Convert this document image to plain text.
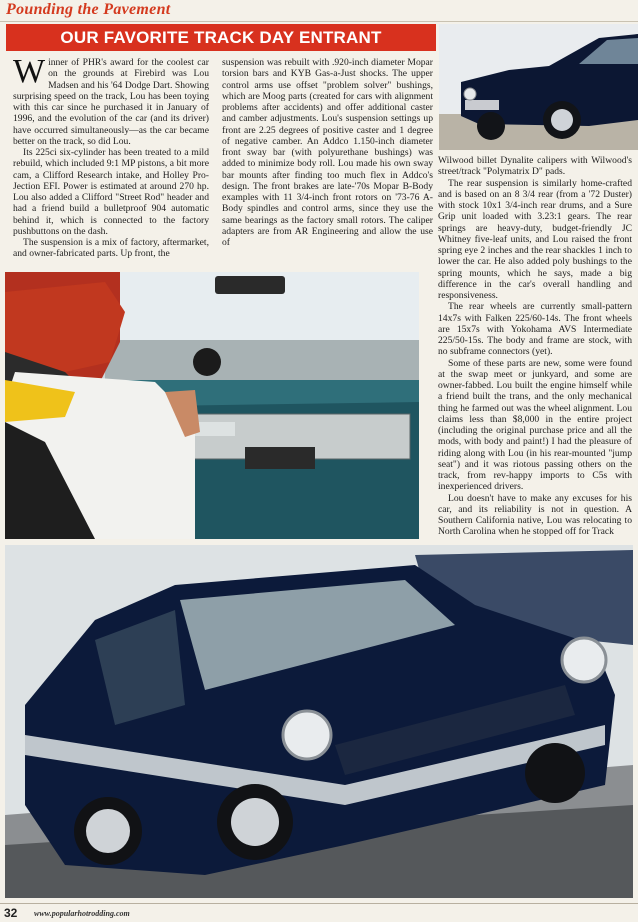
Pounding the Pavement
OUR FAVORITE TRACK DAY ENTRANT
W inner of PHR's award for the coolest car on the grounds at Firebird was Lou Madsen and his '64 Dodge Dart. Showing surprising speed on the track, Lou has been toying with this car since he purchased it in January of 1996, and the evolution of the car (and its driver) have occurred simultaneously—as the car became better on the track, so did Lou.

Its 225ci six-cylinder has been treated to a mild rebuild, which included 9:1 MP pistons, a bit more cam, a Clifford Research intake, and Holley Pro-Jection EFI. Power is estimated at around 270 hp. Lou also added a Clifford "Street Rod" header and had a friend build a bulletproof 904 automatic behind it, which is connected to the factory pushbuttons on the dash.

The suspension is a mix of factory, aftermarket, and owner-fabricated parts. Up front, the

suspension was rebuilt with .920-inch diameter Mopar torsion bars and KYB Gas-a-Just shocks. The upper control arms use offset "problem solver" bushings, which are Moog parts (created for cars with alignment problems after accidents) and offer additional caster and camber adjustments. Lou's suspension settings up front are 2.25 degrees of positive caster and 1 degree of negative camber. An Addco 1.150-inch diameter front sway bar (with polyurethane bushings) was added to minimize body roll. Lou made his own sway bar mounts after finding too much flex in Addco's design. The front brakes are late-'70s Mopar B-Body examples with 11 3/4-inch front rotors on '73-76 A-Body spindles and control arms, since they use the same bearings as the factory small rotors. The caliper adapters are from AR Engineering and allow the use of

Wilwood billet Dynalite calipers with Wilwood's street/track "Polymatrix D" pads.

The rear suspension is similarly home-crafted and is based on an 8 3/4 rear (from a '72 Duster) with stock 10x1 3/4-inch rear drums, and a Sure Grip unit loaded with 3.23:1 gears. The rear springs are heavy-duty, budget-friendly JC Whitney five-leaf units, and Lou raised the front spring eye 2 inches and the rear shackles 1 inch to lower the car. He also added poly bushings to the spring mounts, which he says, made a big difference in the car's overall handling and responsiveness.

The rear wheels are currently small-pattern 14x7s with Falken 225/60-14s. The front wheels are 15x7s with Yokohama AVS Intermediate 225/50-15s. The body and frame are stock, with no subframe connectors (yet).

Some of these parts are new, some were found at the swap meet or junkyard, and some are owner-fabbed. Lou built the engine himself while a friend built the trans, and the only mechanical thing he farmed out was the wheel alignment. Lou claims less than $8,000 in the entire project (including the original purchase price and all the mods, with body and paint!) I had the pleasure of riding along with Lou (in his rear-mounted "jump seat") and it was riotous passing others on the track, from rev-happy imports to C5s with inexperienced drivers.

Lou doesn't have to make any excuses for his car, and its reliability is not in question. A Southern California native, Lou was relocating to North Carolina when he stopped off for Track

32 www.popularhotrodding.com
